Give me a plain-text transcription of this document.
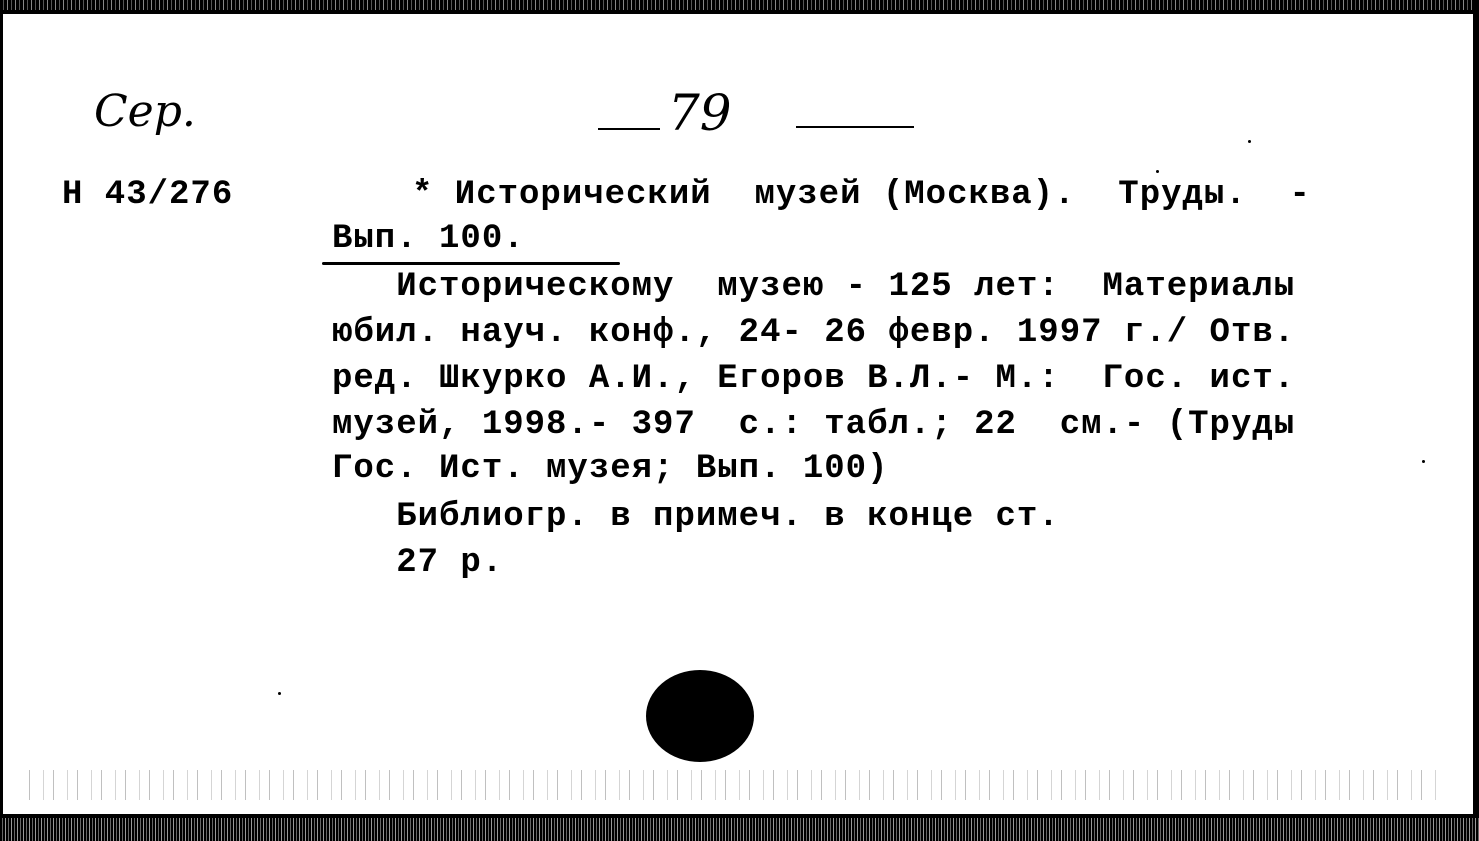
Сер.	79
Н 43/276	* Исторический  музей (Москва).  Труды.  -
Вып. 100.
Историческому  музею - 125 лет:  Материалы
юбил. науч. конф., 24- 26 февр. 1997 г./ Отв.
ред. Шкурко А.И., Егоров В.Л.- М.:  Гос. ист.
музей, 1998.- 397  с.: табл.; 22  см.- (Труды
Гос. Ист. музея; Вып. 100)
Библиогр. в примеч. в конце ст.
27 р.
